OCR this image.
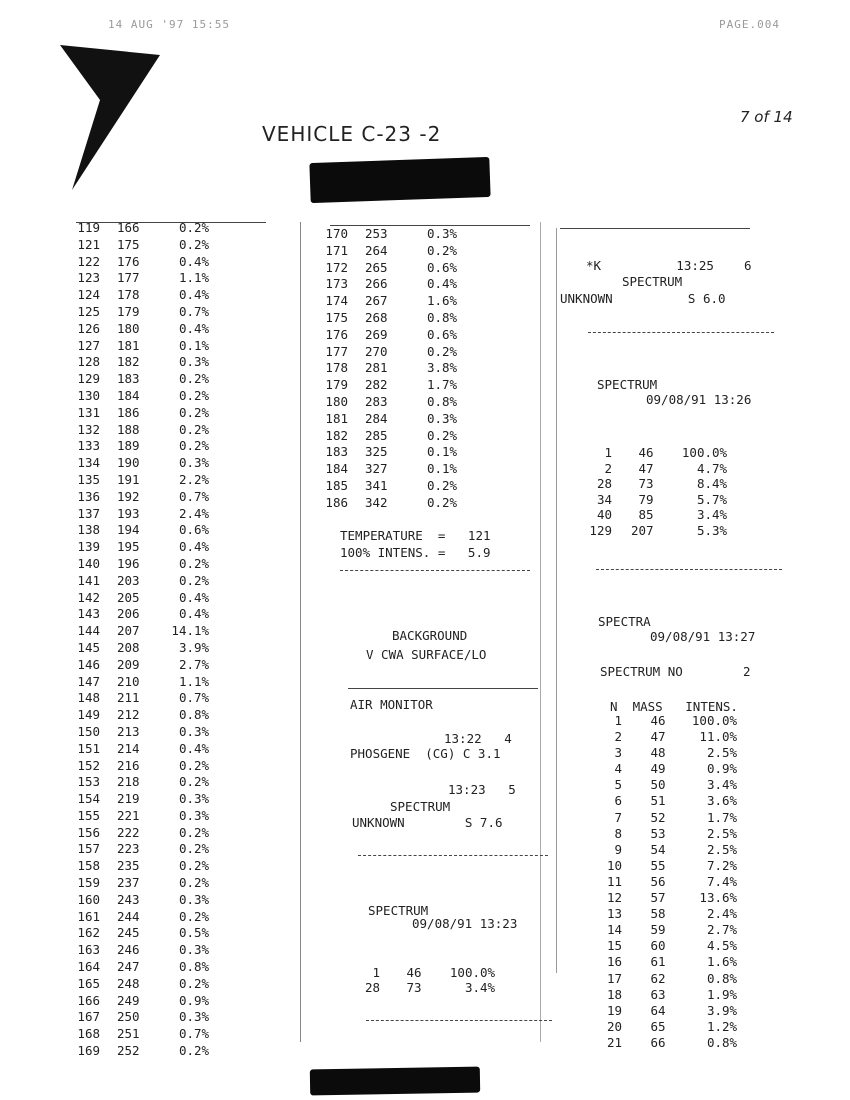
14 AUG '97 15:55	PAGE.004
VEHICLE C-23 -2
7 of 14
119 166	0.2%
121 175	0.2%
122 176	0.4%
123 177	1.1%
124 178	0.4%
125 179	0.7%
126 180	0.4%
127 181	0.1%
128 182	0.3%
129 183	0.2%
130 184	0.2%
131 186	0.2%
132 188	0.2%
133 189	0.2%
134 190	0.3%
135 191	2.2%
136 192	0.7%
137 193	2.4%
138 194	0.6%
139 195	0.4%
140 196	0.2%
141 203	0.2%
142 205	0.4%
143 206	0.4%
144 207	14.1%
145 208	3.9%
146 209	2.7%
147 210	1.1%
148 211	0.7%
149 212	0.8%
150 213	0.3%
151 214	0.4%
152 216	0.2%
153 218	0.2%
154 219	0.3%
155 221	0.3%
156 222	0.2%
157 223	0.2%
158 235	0.2%
159 237	0.2%
160 243	0.3%
161 244	0.2%
162 245	0.5%
163 246	0.3%
164 247	0.8%
165 248	0.2%
166 249	0.9%
167 250	0.3%
168 251	0.7%
169 252	0.2%
170 253	0.3%
171 264	0.2%
172 265	0.6%
173 266	0.4%
174 267	1.6%
175 268	0.8%
176 269	0.6%
177 270	0.2%
178 281	3.8%
179 282	1.7%
180 283	0.8%
181 284	0.3%
182 285	0.2%
183 325	0.1%
184 327	0.1%
185 341	0.2%
186 342	0.2%
TEMPERATURE  =   121
100% INTENS. =   5.9
BACKGROUND
V CWA SURFACE/LO
AIR MONITOR
13:22   4
PHOSGENE  (CG) C 3.1
13:23   5
SPECTRUM
UNKNOWN        S 7.6
SPECTRUM
09/08/91 13:23
1 46 100.0%
28 73	3.4%
*K          13:25    6
SPECTRUM
UNKNOWN          S 6.0
SPECTRUM
09/08/91 13:26
1 46 100.0%
2 47	4.7%
28 73	8.4%
34 79	5.7%
40 85	3.4%
129 207	5.3%
SPECTRA
09/08/91 13:27
SPECTRUM NO        2
N MASS INTENS.
1 46 100.0%
2 47	11.0%
3 48	2.5%
4 49	0.9%
5 50	3.4%
6 51	3.6%
7 52	1.7%
8 53	2.5%
9 54	2.5%
10 55	7.2%
11 56	7.4%
12 57	13.6%
13 58	2.4%
14 59	2.7%
15 60	4.5%
16 61	1.6%
17 62	0.8%
18 63	1.9%
19 64	3.9%
20 65	1.2%
21 66	0.8%
